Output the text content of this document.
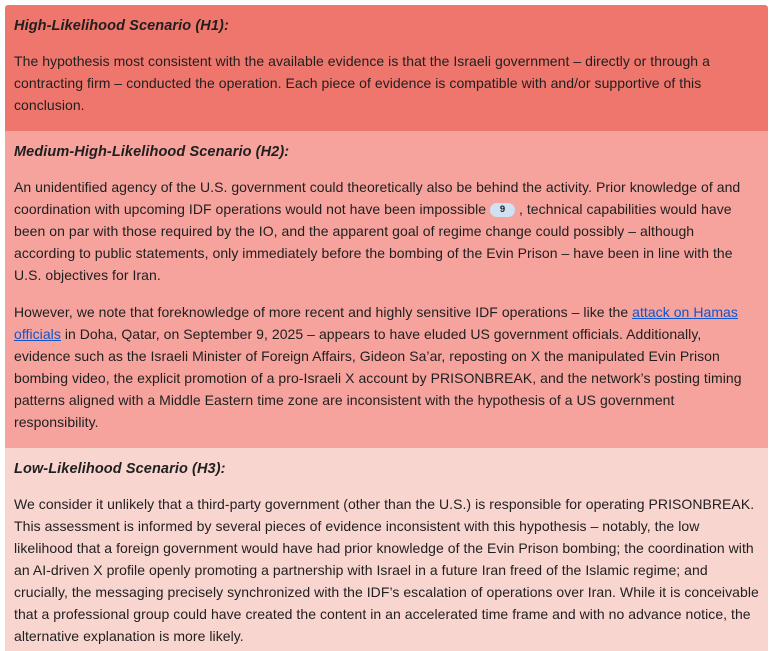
High-Likelihood Scenario (H1):

The hypothesis most consistent with the available evidence is that the Israeli government – directly or through a contracting firm – conducted the operation. Each piece of evidence is compatible with and/or supportive of this conclusion.

Medium-High-Likelihood Scenario (H2):

An unidentified agency of the U.S. government could theoretically also be behind the activity. Prior knowledge of and coordination with upcoming IDF operations would not have been impossible 9 , technical capabilities would have been on par with those required by the IO, and the apparent goal of regime change could possibly – although according to public statements, only immediately before the bombing of the Evin Prison – have been in line with the U.S. objectives for Iran.

However, we note that foreknowledge of more recent and highly sensitive IDF operations – like the attack on Hamas officials in Doha, Qatar, on September 9, 2025 – appears to have eluded US government officials. Additionally, evidence such as the Israeli Minister of Foreign Affairs, Gideon Sa’ar, reposting on X the manipulated Evin Prison bombing video, the explicit promotion of a pro-Israeli X account by PRISONBREAK, and the network’s posting timing patterns aligned with a Middle Eastern time zone are inconsistent with the hypothesis of a US government responsibility.

Low-Likelihood Scenario (H3):

We consider it unlikely that a third-party government (other than the U.S.) is responsible for operating PRISONBREAK. This assessment is informed by several pieces of evidence inconsistent with this hypothesis – notably, the low likelihood that a foreign government would have had prior knowledge of the Evin Prison bombing; the coordination with an AI-driven X profile openly promoting a partnership with Israel in a future Iran freed of the Islamic regime; and crucially, the messaging precisely synchronized with the IDF’s escalation of operations over Iran. While it is conceivable that a professional group could have created the content in an accelerated time frame and with no advance notice, the alternative explanation is more likely.
